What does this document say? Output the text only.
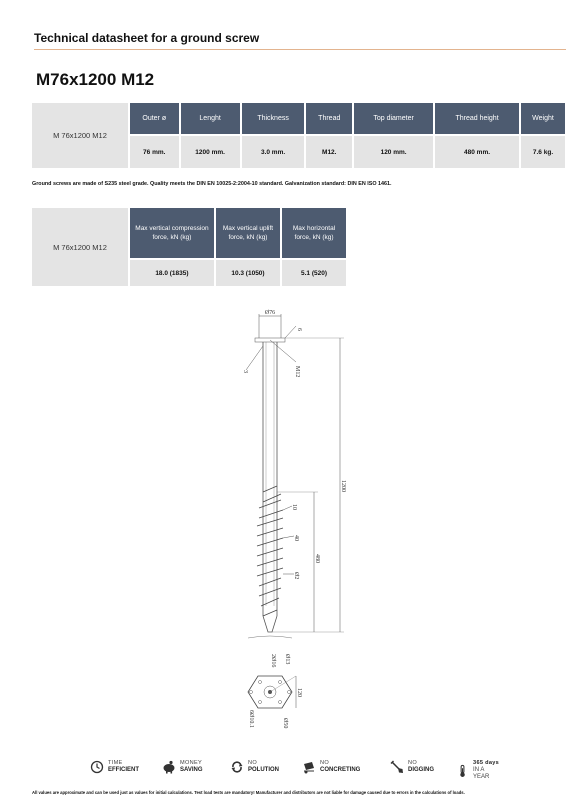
Technical datasheet for a ground screw
M76x1200 M12
M 76x1200 M12	Outer ø	Lenght	Thickness	Thread	Top diameter	Thread height	Weight
	76 mm.	1200 mm.	3.0 mm.	M12.	120 mm.	480 mm.	7.6 kg.
Ground screws are made of S235 steel grade. Quality meets the DIN EN 10025-2:2004-10 standard. Galvanization standard: DIN EN ISO 1461.
M 76x1200 M12	Max vertical compression force, kN (kg)	Max vertical uplift force, kN (kg)	Max horizontal force, kN (kg)
	18.0 (1835)	10.3 (1050)	5.1 (520)
Ø76
6
M12
3
1200
480
10
40
Ø2
2Ø16 Ø13
120
6Ø10.1	Ø50
TIME
EFFICIENT
MONEY
SAVING
NO
POLUTION
NO
CONCRETING
NO
DIGGING
365 days
IN A YEAR
All values are approximate and can be used just as values for initial calculations. Test load tests are mandatory! Manufacturer and distributors are not liable for damage caused due to errors in the calculations of loads.
